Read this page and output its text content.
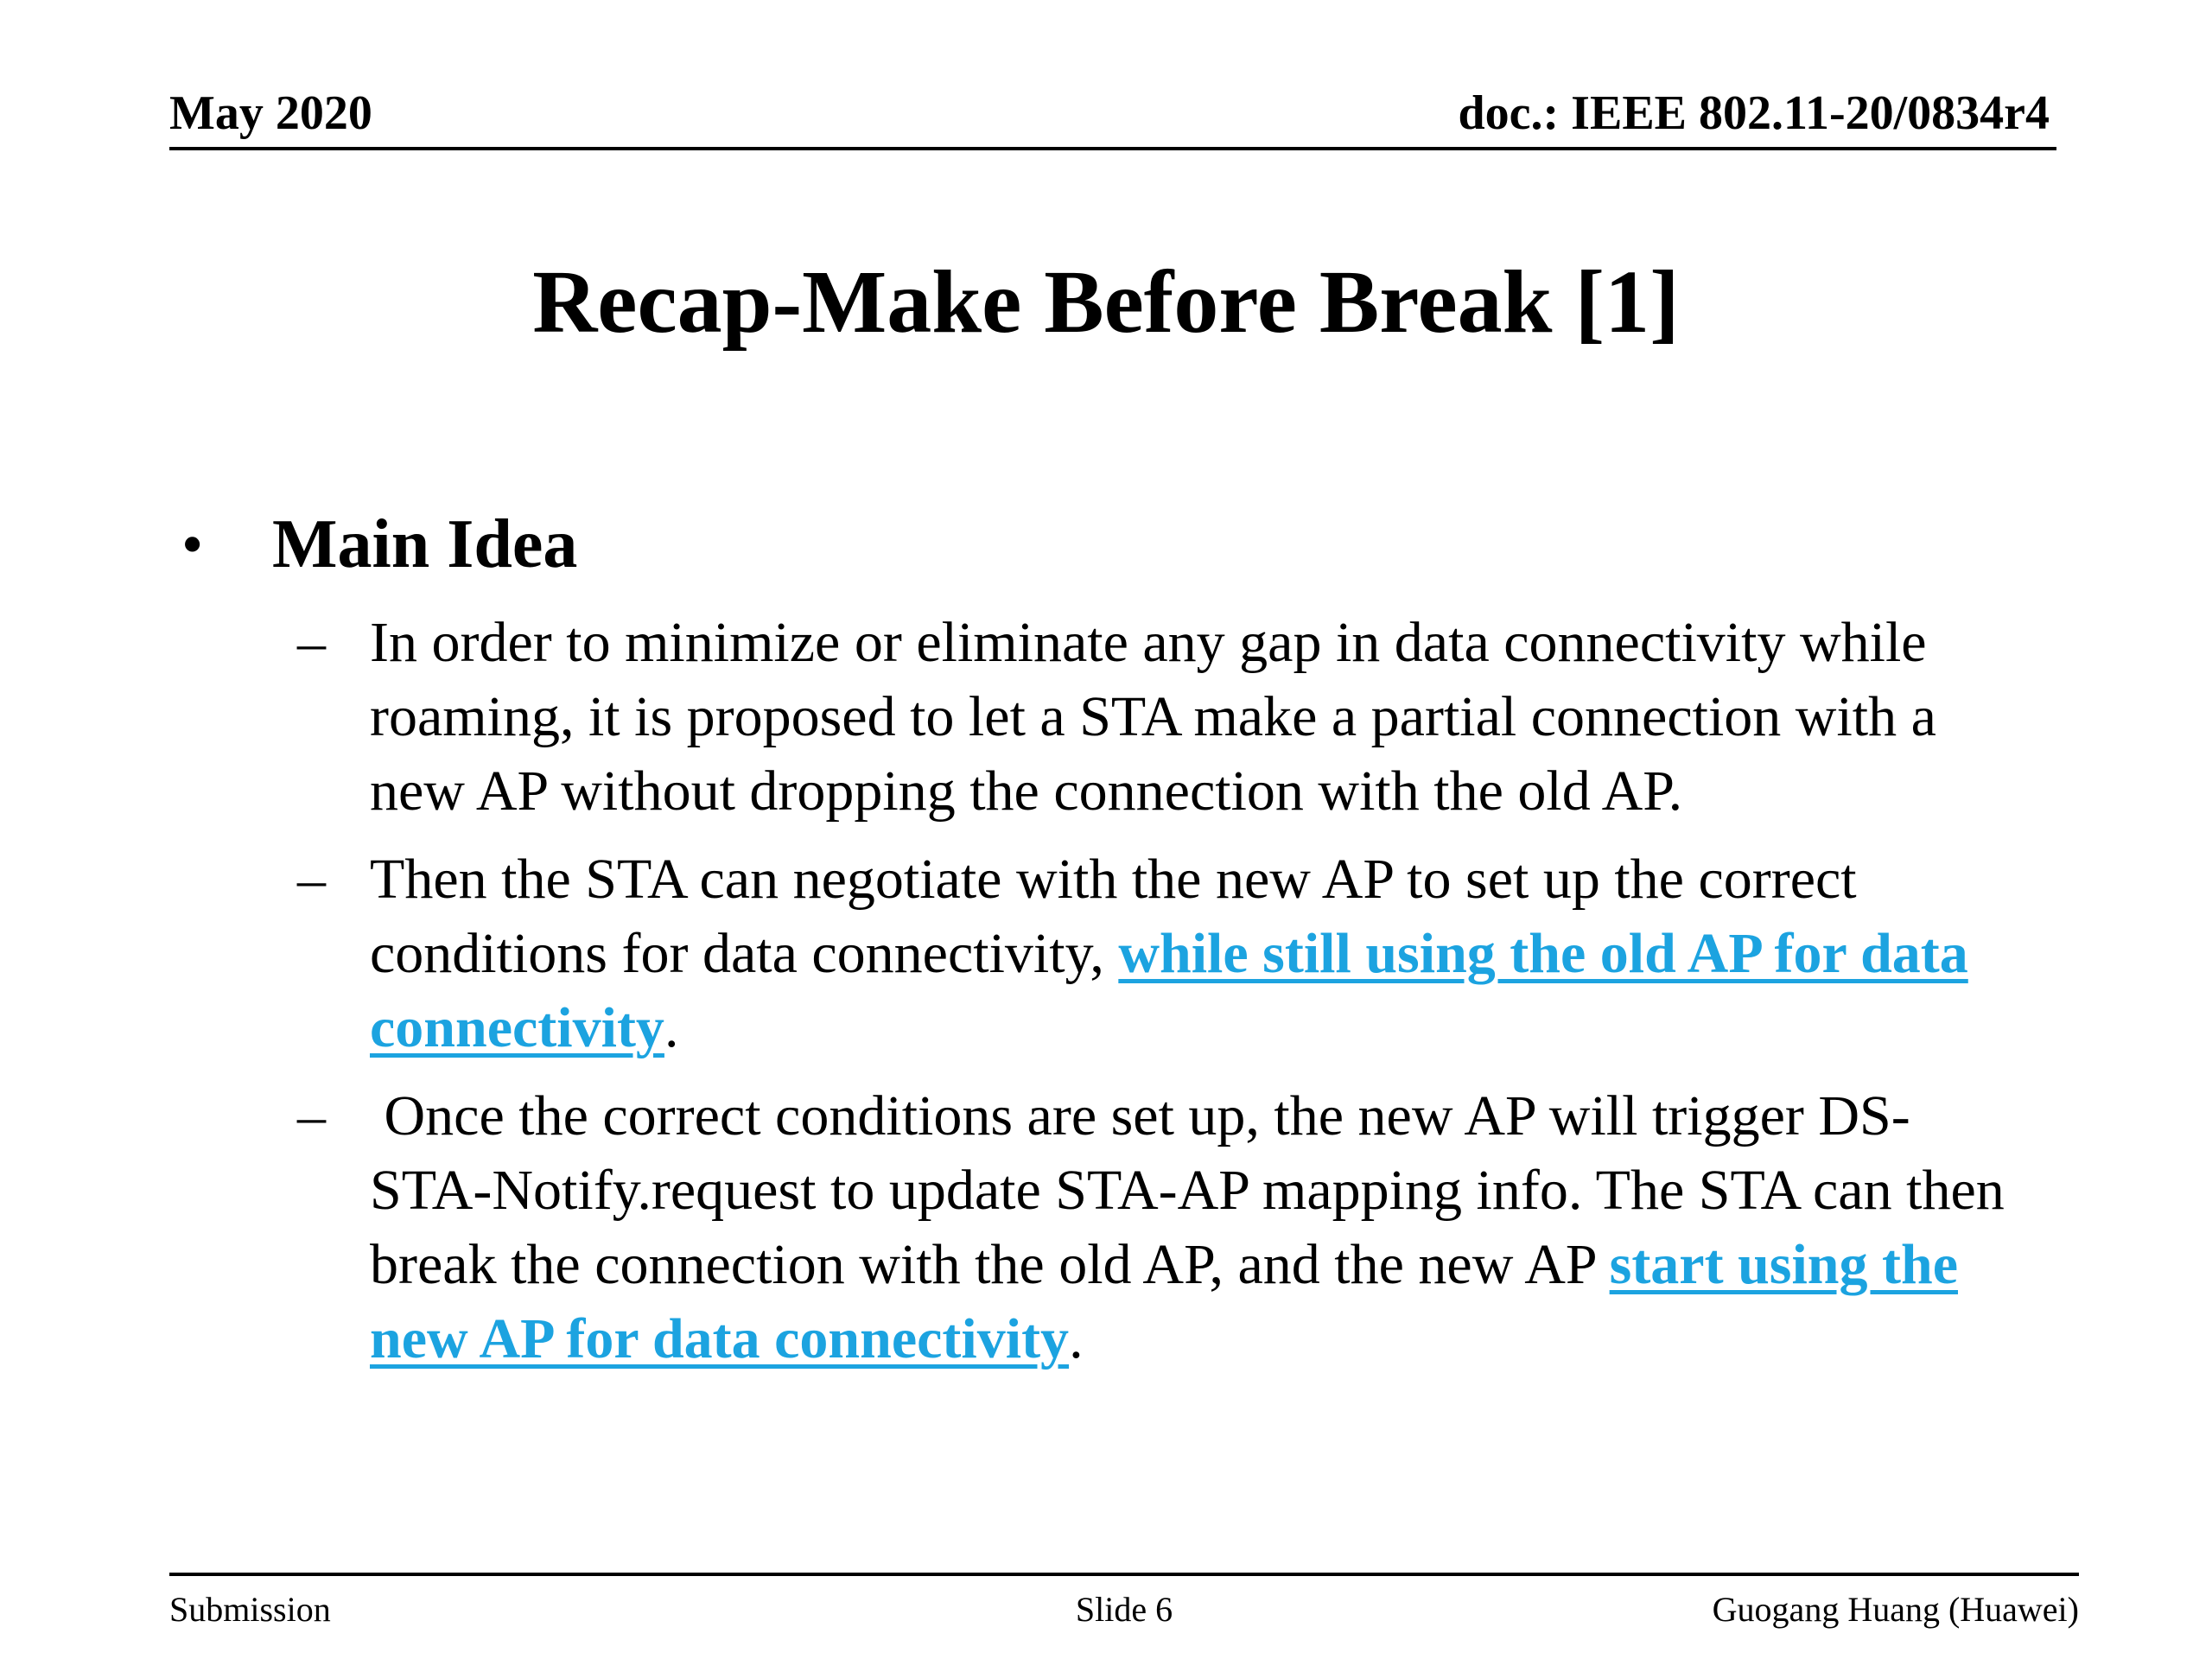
May 2020	doc.: IEEE 802.11-20/0834r4
Recap-Make Before Break [1]
• Main Idea
– In order to minimize or eliminate any gap in data connectivity while roaming, it is proposed to let a STA make a partial connection with a new AP without dropping the connection with the old AP.
– Then the STA can negotiate with the new AP to set up the correct conditions for data connectivity, while still using the old AP for data connectivity.
– Once the correct conditions are set up, the new AP will trigger DS-STA-Notify.request to update STA-AP mapping info. The STA can then break the connection with the old AP, and the new AP start using the new AP for data connectivity.
Submission	Slide 6	Guogang Huang (Huawei)
